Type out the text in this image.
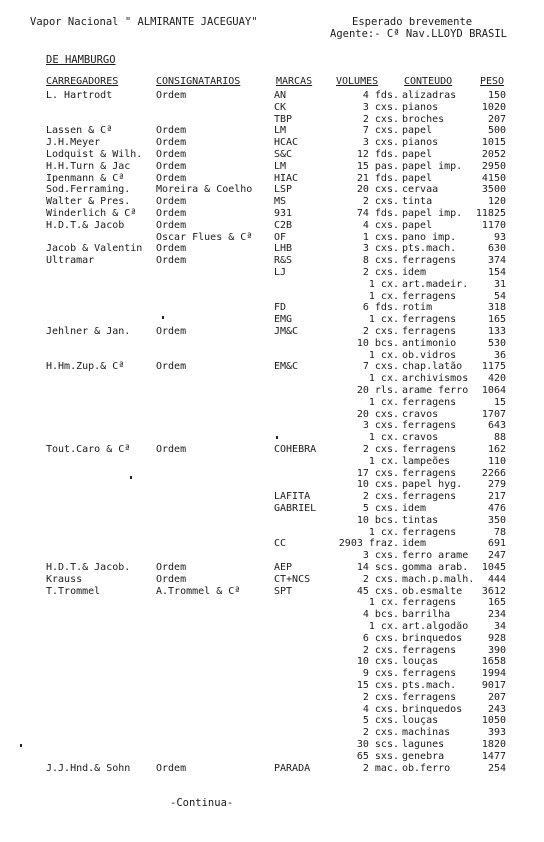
Vapor Nacional " ALMIRANTE JACEGUAY"	Esperado brevemente
Agente:- Cª Nav.LLOYD BRASIL
DE HAMBURGO
CARREGADORES	CONSIGNATARIOS	MARCAS VOLUMES	CONTEUDO	PESO
L. Hartrodt	Ordem	AN	4 fds. alizadras	150
CK	3 cxs. pianos	1020
TBP	2 cxs. broches	207
Lassen & Cª	Ordem	LM	7 cxs. papel	500
J.H.Meyer	Ordem	HCAC	3 cxs. pianos	1015
Lodquist & Wilh.	Ordem	S&C	12 fds. papel	2052
H.H.Turn & Jac	Ordem	LM	15 pas. papel imp.	2950
Ipenmann & Cª	Ordem	HIAC	21 fds. papel	4150
Sod.Ferraming.	Moreira & Coelho	LSP	20 cxs. cervaa	3500
Walter & Pres.	Ordem	MS	2 cxs. tinta	120
Winderlich & Cª	Ordem	931	74 fds. papel imp.	11825
H.D.T.& Jacob	Ordem	C2B	4 cxs. papel	1170
Oscar Flues & Cª	OF	1 cxs. pano imp.	93
Jacob & Valentin	Ordem	LHB	3 cxs. pts.mach.	630
Ultramar	Ordem	R&S	8 cxs. ferragens	374
LJ	2 cxs. idem	154
1 cx. art.madeir.	31
1 cx. ferragens	54
FD	6 fds. rotim	318
EMG	1 cx. ferragens	165
Jehlner & Jan.	Ordem	JM&C	2 cxs. ferragens	133
10 bcs. antimonio	530
1 cx. ob.vidros	36
H.Hm.Zup.& Cª	Ordem	EM&C	7 cxs. chap.latão	1175
1 cx. archivismos	420
20 rls. arame ferro	1064
1 cx. ferragens	15
20 cxs. cravos	1707
3 cxs. ferragens	643
1 cx. cravos	88
Tout.Caro & Cª	Ordem	COHEBRA	2 cxs. ferragens	162
1 cx. lampeões	110
17 cxs. ferragens	2266
10 cxs. papel hyg.	279
LAFITA	2 cxs. ferragens	217
GABRIEL	5 cxs. idem	476
10 bcs. tintas	350
1 cx. ferragens	78
CC	2903 fraz. idem	691
3 cxs. ferro arame	247
H.D.T.& Jacob.	Ordem	AEP	14 scs. gomma arab.	1045
Krauss	Ordem	CT+NCS	2 cxs. mach.p.malh.	444
T.Trommel	A.Trommel & Cª	SPT	45 cxs. ob.esmalte	3612
1 cx. ferragens	165
4 bcs. barrilha	234
1 cx. art.algodão	34
6 cxs. brinquedos	928
2 cxs. ferragens	390
10 cxs. louças	1658
9 cxs. ferragens	1994
15 cxs. pts.mach.	9017
2 cxs. ferragens	207
4 cxs. brinquedos	243
5 cxs. louças	1050
2 cxs. machinas	393
30 scs. lagunes	1820
65 sxs. genebra	1477
J.J.Hnd.& Sohn	Ordem	PARADA	2 mac. ob.ferro	254
-Continua-
